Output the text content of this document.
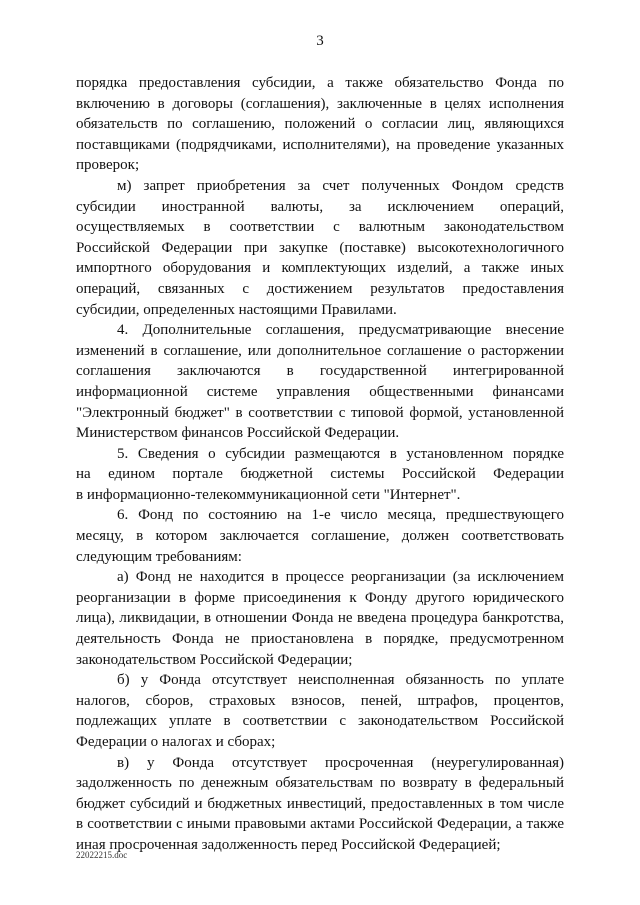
3
порядка предоставления субсидии, а также обязательство Фонда по
включению в договоры (соглашения), заключенные в целях исполнения
обязательств по соглашению, положений о согласии лиц, являющихся
поставщиками (подрядчиками, исполнителями), на проведение указанных
проверок;
м) запрет приобретения за счет полученных Фондом средств
субсидии иностранной валюты, за исключением операций,
осуществляемых в соответствии с валютным законодательством
Российской Федерации при закупке (поставке) высокотехнологичного
импортного оборудования и комплектующих изделий, а также иных
операций, связанных с достижением результатов предоставления
субсидии, определенных настоящими Правилами.
4. Дополнительные соглашения, предусматривающие внесение
изменений в соглашение, или дополнительное соглашение о расторжении
соглашения заключаются в государственной интегрированной
информационной системе управления общественными финансами
"Электронный бюджет" в соответствии с типовой формой, установленной
Министерством финансов Российской Федерации.
5. Сведения о субсидии размещаются в установленном порядке
на едином портале бюджетной системы Российской Федерации
в информационно-телекоммуникационной сети "Интернет".
6. Фонд по состоянию на 1-е число месяца, предшествующего
месяцу, в котором заключается соглашение, должен соответствовать
следующим требованиям:
а) Фонд не находится в процессе реорганизации (за исключением
реорганизации в форме присоединения к Фонду другого юридического
лица), ликвидации, в отношении Фонда не введена процедура банкротства,
деятельность Фонда не приостановлена в порядке, предусмотренном
законодательством Российской Федерации;
б) у Фонда отсутствует неисполненная обязанность по уплате
налогов, сборов, страховых взносов, пеней, штрафов, процентов,
подлежащих уплате в соответствии с законодательством Российской
Федерации о налогах и сборах;
в) у Фонда отсутствует просроченная (неурегулированная)
задолженность по денежным обязательствам по возврату в федеральный
бюджет субсидий и бюджетных инвестиций, предоставленных в том числе
в соответствии с иными правовыми актами Российской Федерации, а также
иная просроченная задолженность перед Российской Федерацией;
22022215.doc
